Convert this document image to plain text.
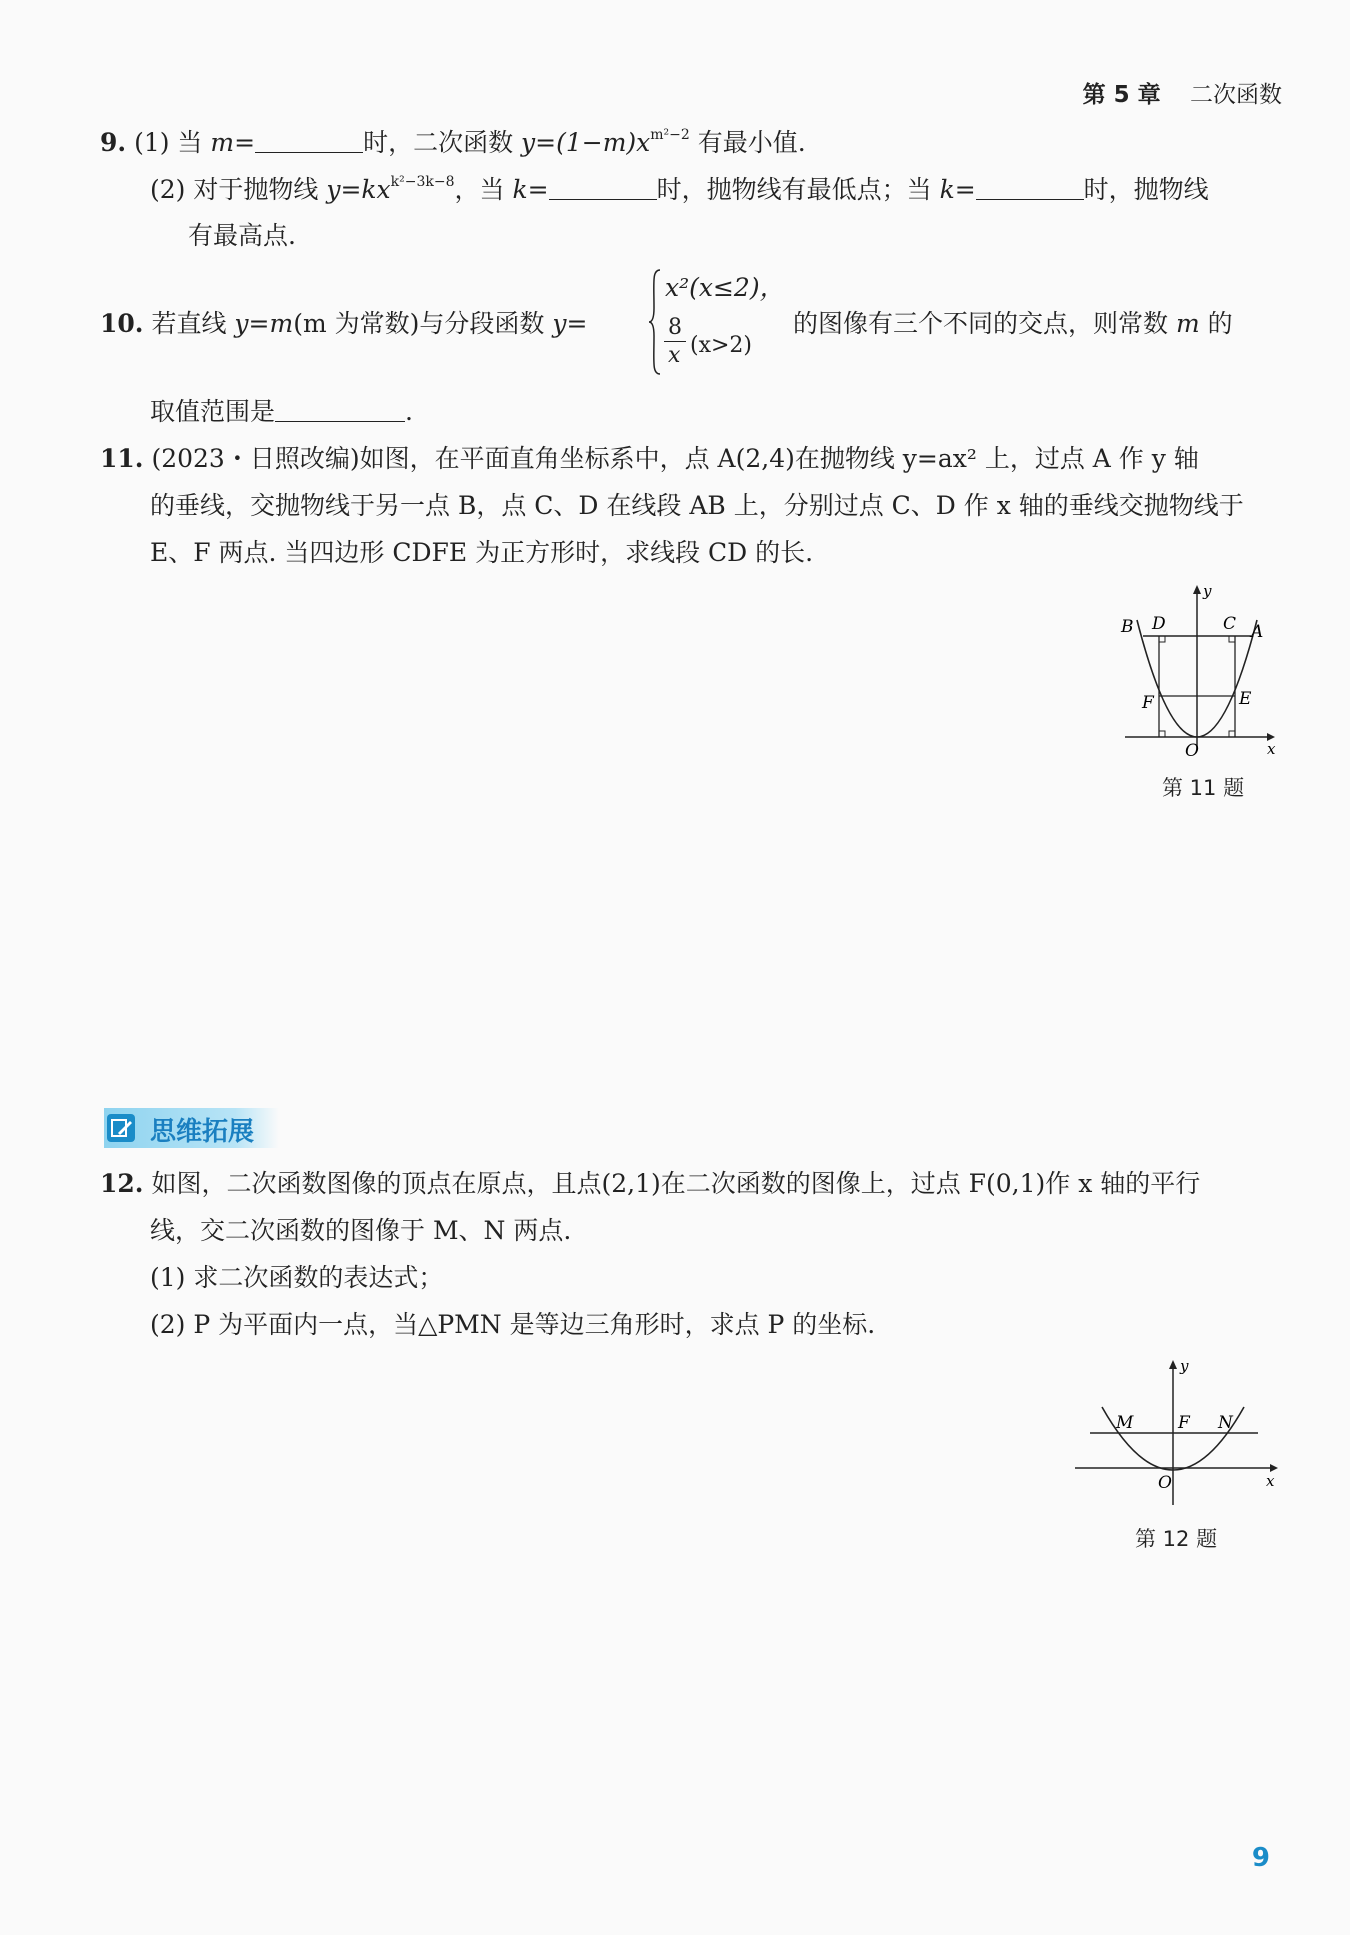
第 5 章 二次函数
9. (1) 当 m=	时，二次函数 $y=(1-m)x^{m^2-2}$ 有最小值.
(2) 对于抛物线 $y=kx^{k^2-3k-8}$，当 k=	时，抛物线有最低点；当 k=	时，抛物线
有最高点.
10. 若直线 y=m(m 为常数)与分段函数 y=
x²(x≤2)，
8
x (x>2)
的图像有三个不同的交点，则常数 m 的
取值范围是	.
11. (2023・日照改编)如图，在平面直角坐标系中，点 A(2,4)在抛物线 y=ax² 上，过点 A 作 y 轴
的垂线，交抛物线于另一点 B，点 C、D 在线段 AB 上，分别过点 C、D 作 x 轴的垂线交抛物线于
E、F 两点. 当四边形 CDFE 为正方形时，求线段 CD 的长.
B D	C A
E
F
O	x
y
第 11 题
思维拓展
12. 如图，二次函数图像的顶点在原点，且点(2,1)在二次函数的图像上，过点 F(0,1)作 x 轴的平行
线，交二次函数的图像于 M、N 两点.
(1) 求二次函数的表达式；
(2) P 为平面内一点，当△PMN 是等边三角形时，求点 P 的坐标.
M	F N
O	x
y
第 12 题
9
